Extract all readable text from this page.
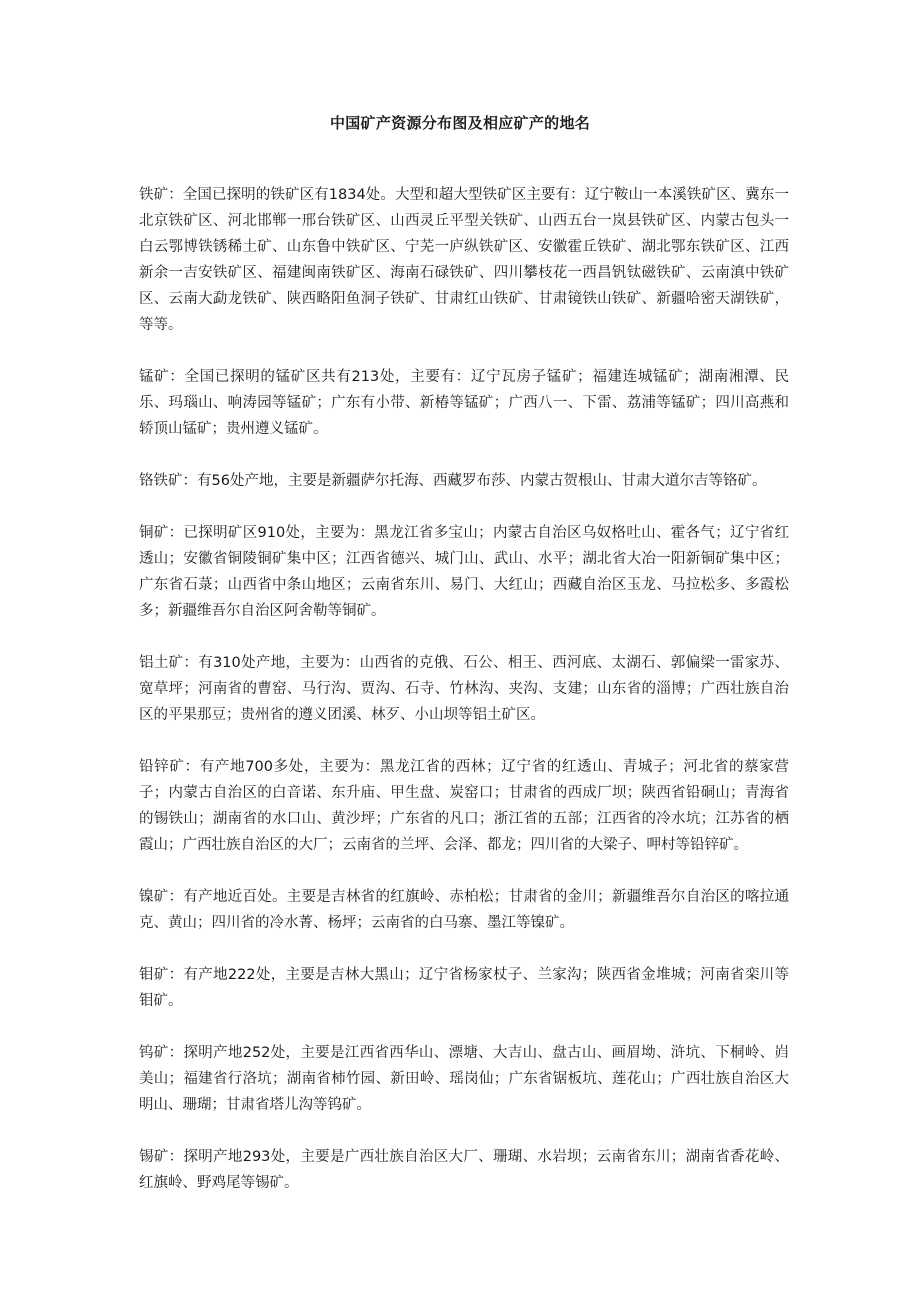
中国矿产资源分布图及相应矿产的地名

铁矿：全国已探明的铁矿区有1834处。大型和超大型铁矿区主要有：辽宁鞍山一本溪铁矿区、冀东一北京铁矿区、河北邯郸一邢台铁矿区、山西灵丘平型关铁矿、山西五台一岚县铁矿区、内蒙古包头一白云鄂博铁锈稀土矿、山东鲁中铁矿区、宁芜一庐纵铁矿区、安徽霍丘铁矿、湖北鄂东铁矿区、江西新余一吉安铁矿区、福建闽南铁矿区、海南石碌铁矿、四川攀枝花一西昌钒钛磁铁矿、云南滇中铁矿区、云南大勐龙铁矿、陕西略阳鱼洞子铁矿、甘肃红山铁矿、甘肃镜铁山铁矿、新疆哈密天湖铁矿，等等。

锰矿：全国已探明的锰矿区共有213处，主要有：辽宁瓦房子锰矿；福建连城锰矿；湖南湘潭、民乐、玛瑙山、响涛园等锰矿；广东有小带、新椿等锰矿；广西八一、下雷、荔浦等锰矿；四川高燕和轿顶山锰矿；贵州遵义锰矿。

铬铁矿：有56处产地，主要是新疆萨尔托海、西藏罗布莎、内蒙古贺根山、甘肃大道尔吉等铬矿。

铜矿：已探明矿区910处，主要为：黑龙江省多宝山；内蒙古自治区乌奴格吐山、霍各气；辽宁省红透山；安徽省铜陵铜矿集中区；江西省德兴、城门山、武山、水平；湖北省大冶一阳新铜矿集中区；广东省石菉；山西省中条山地区；云南省东川、易门、大红山；西藏自治区玉龙、马拉松多、多霞松多；新疆维吾尔自治区阿舍勒等铜矿。

铝土矿：有310处产地，主要为：山西省的克俄、石公、相王、西河底、太湖石、郭偏梁一雷家苏、宽草坪；河南省的曹窑、马行沟、贾沟、石寺、竹林沟、夹沟、支建；山东省的淄博；广西壮族自治区的平果那豆；贵州省的遵义团溪、林歹、小山坝等铝土矿区。

铅锌矿：有产地700多处，主要为：黑龙江省的西林；辽宁省的红透山、青城子；河北省的蔡家营子；内蒙古自治区的白音诺、东升庙、甲生盘、炭窑口；甘肃省的西成厂坝；陕西省铅硐山；青海省的锡铁山；湖南省的水口山、黄沙坪；广东省的凡口；浙江省的五部；江西省的冷水坑；江苏省的栖霞山；广西壮族自治区的大厂；云南省的兰坪、会泽、都龙；四川省的大梁子、呷村等铅锌矿。

镍矿：有产地近百处。主要是吉林省的红旗岭、赤柏松；甘肃省的金川；新疆维吾尔自治区的喀拉通克、黄山；四川省的冷水菁、杨坪；云南省的白马寨、墨江等镍矿。

钼矿：有产地222处，主要是吉林大黑山；辽宁省杨家杖子、兰家沟；陕西省金堆城；河南省栾川等钼矿。

钨矿：探明产地252处，主要是江西省西华山、漂塘、大吉山、盘古山、画眉坳、浒坑、下桐岭、岿美山；福建省行洛坑；湖南省柿竹园、新田岭、瑶岗仙；广东省锯板坑、莲花山；广西壮族自治区大明山、珊瑚；甘肃省塔儿沟等钨矿。

锡矿：探明产地293处，主要是广西壮族自治区大厂、珊瑚、水岩坝；云南省东川；湖南省香花岭、红旗岭、野鸡尾等锡矿。
